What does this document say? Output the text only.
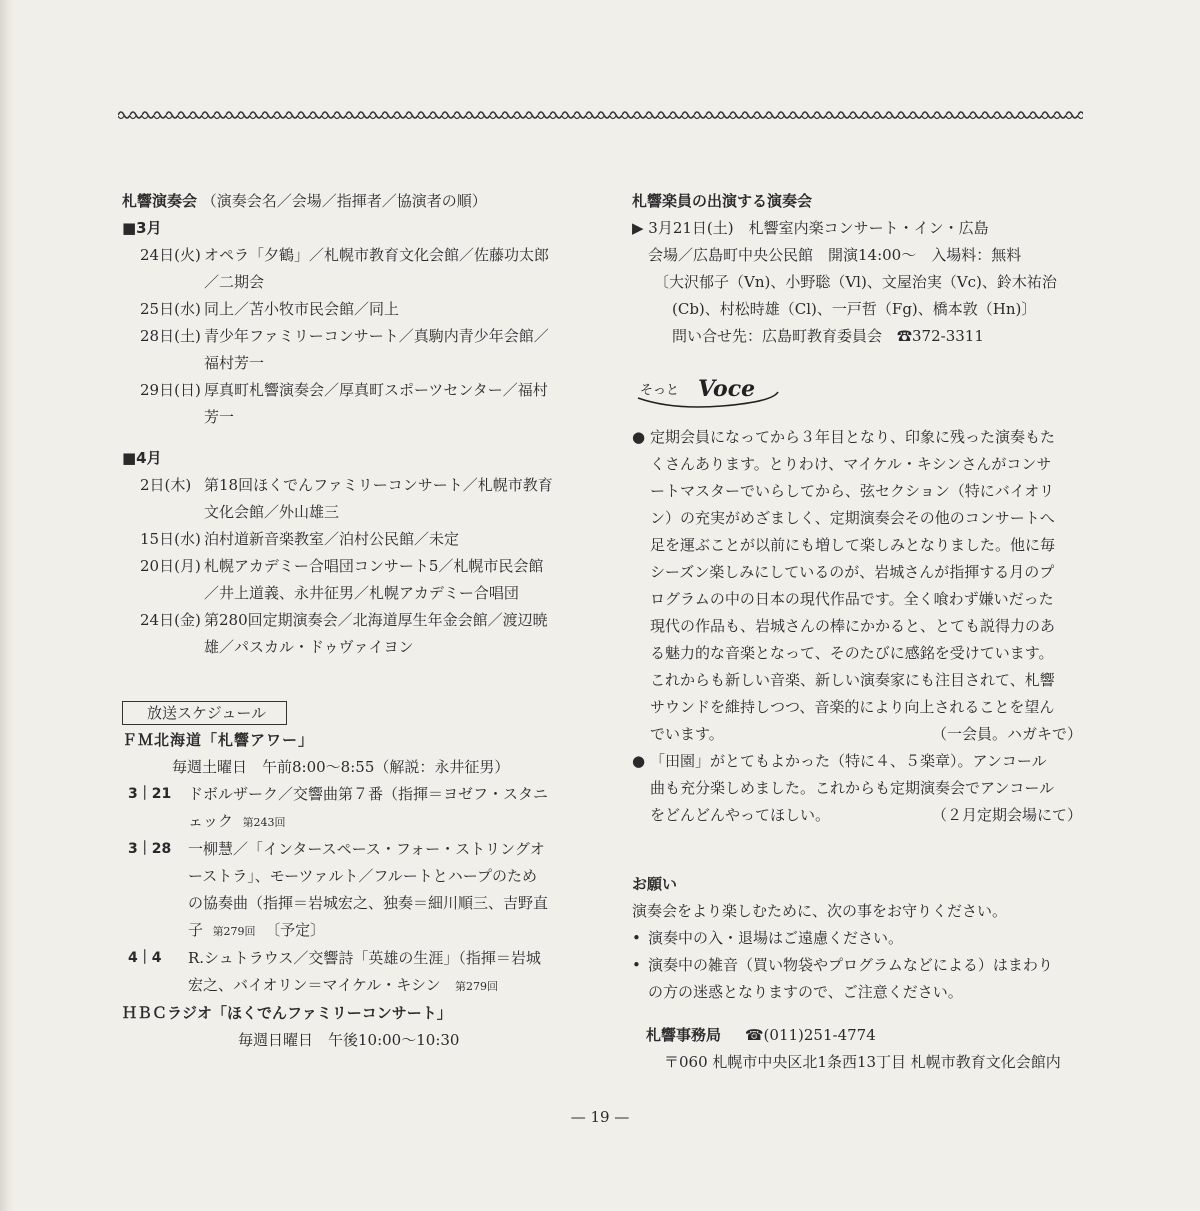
札響演奏会 （演奏会名／会場／指揮者／協演者の順）
■3月
24日(火) オペラ「夕鶴」／札幌市教育文化会館／佐藤功太郎
／二期会
25日(水) 同上／苫小牧市民会館／同上
28日(土) 青少年ファミリーコンサート／真駒内青少年会館／
福村芳一
29日(日) 厚真町札響演奏会／厚真町スポーツセンター／福村
芳一
■4月
2日(木) 第18回ほくでんファミリーコンサート／札幌市教育
文化会館／外山雄三
15日(水) 泊村道新音楽教室／泊村公民館／未定
20日(月) 札幌アカデミー合唱団コンサート5／札幌市民会館
／井上道義、永井征男／札幌アカデミー合唱団
24日(金) 第280回定期演奏会／北海道厚生年金会館／渡辺暁
雄／パスカル・ドゥヴァイヨン
放送スケジュール
ＦＭ北海道「札響アワー」
毎週土曜日　午前8:00〜8:55（解説：永井征男）
3｜21 ドボルザーク／交響曲第７番（指揮＝ヨゼフ・スタニ
ェック 第243回
3｜28 一柳慧／「インタースペース・フォー・ストリングオ
ーストラ」、モーツァルト／フルートとハープのため
の協奏曲（指揮＝岩城宏之、独奏＝細川順三、吉野直
子 第279回 〔予定〕
4｜4 R.シュトラウス／交響詩「英雄の生涯」（指揮＝岩城
宏之、バイオリン＝マイケル・キシン 第279回
ＨＢＣラジオ「ほくでんファミリーコンサート」
毎週日曜日　午後10:00〜10:30
札響楽員の出演する演奏会
▶ 3月21日(土)　札響室内楽コンサート・イン・広島
会場／広島町中央公民館　開演14:00〜　入場料：無料
〔大沢郁子（Vn)、小野聡（Vl)、文屋治実（Vc)、鈴木祐治
(Cb)、村松時雄（Cl)、一戸哲（Fg)、橋本敦（Hn)〕
問い合せ先：広島町教育委員会　☎372-3311
そっと Voce
● 定期会員になってから３年目となり、印象に残った演奏もた
くさんあります。とりわけ、マイケル・キシンさんがコンサ
ートマスターでいらしてから、弦セクション（特にバイオリ
ン）の充実がめざましく、定期演奏会その他のコンサートへ
足を運ぶことが以前にも増して楽しみとなりました。他に毎
シーズン楽しみにしているのが、岩城さんが指揮する月のプ
ログラムの中の日本の現代作品です。全く喰わず嫌いだった
現代の作品も、岩城さんの棒にかかると、とても説得力のあ
る魅力的な音楽となって、そのたびに感銘を受けています。
これからも新しい音楽、新しい演奏家にも注目されて、札響
サウンドを維持しつつ、音楽的により向上されることを望ん
でいます。	（一会員。ハガキで）
● 「田園」がとてもよかった（特に４、５楽章）。アンコール
曲も充分楽しめました。これからも定期演奏会でアンコール
をどんどんやってほしい。	（２月定期会場にて）
お願い
演奏会をより楽しむために、次の事をお守りください。
• 演奏中の入・退場はご遠慮ください。
• 演奏中の雑音（買い物袋やプログラムなどによる）はまわり
の方の迷惑となりますので、ご注意ください。
札響事務局 ☎(011)251-4774
〒060 札幌市中央区北1条西13丁目 札幌市教育文化会館内
— 19 —
